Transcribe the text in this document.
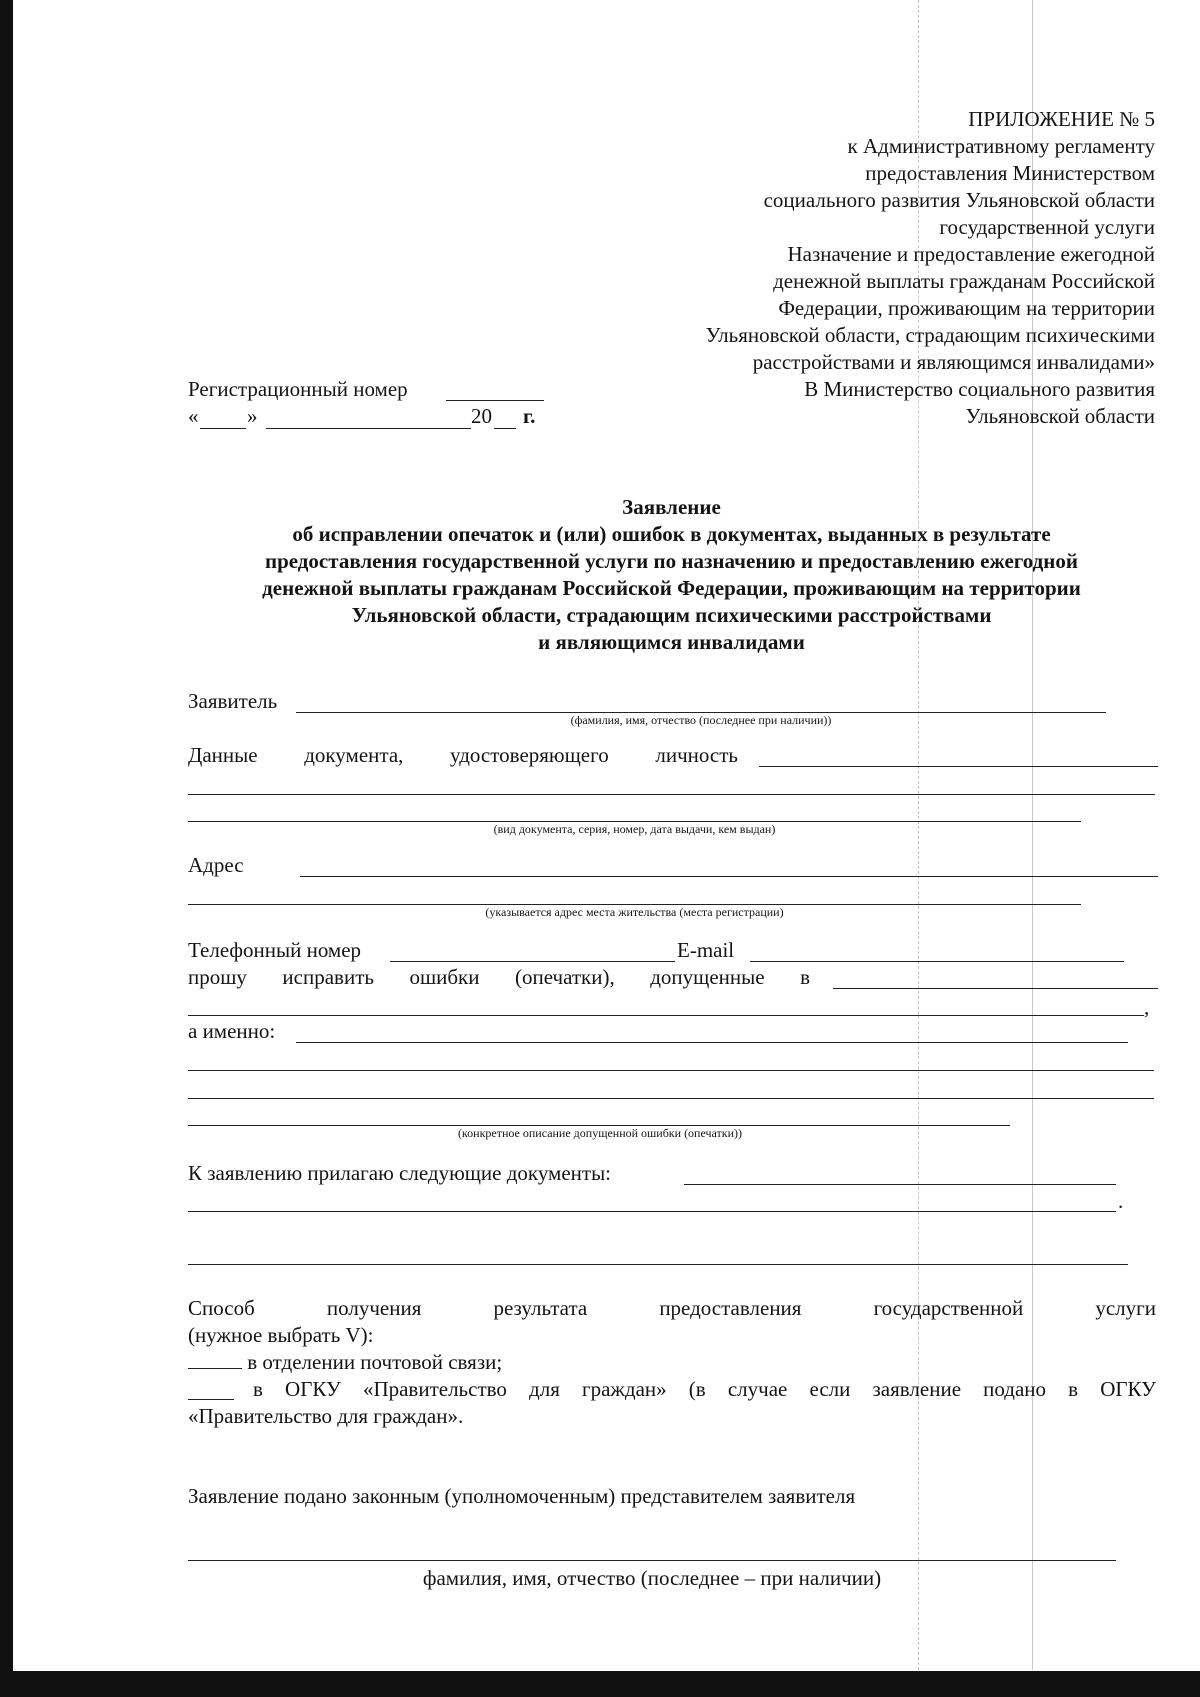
ПРИЛОЖЕНИЕ № 5
к Административному регламенту
предоставления Министерством
социального развития Ульяновской области
государственной услуги
Назначение и предоставление ежегодной
денежной выплаты гражданам Российской
Федерации, проживающим на территории
Ульяновской области, страдающим психическими
расстройствами и являющимся инвалидами»
В Министерство социального развития
Ульяновской области
Регистрационный номер
« »	20 г.
Заявление
об исправлении опечаток и (или) ошибок в документах, выданных в результате
предоставления государственной услуги по назначению и предоставлению ежегодной
денежной выплаты гражданам Российской Федерации, проживающим на территории
Ульяновской области, страдающим психическими расстройствами
и являющимся инвалидами
Заявитель
(фамилия, имя, отчество (последнее при наличии))
Данные документа, удостоверяющего личность
(вид документа, серия, номер, дата выдачи, кем выдан)
Адрес
(указывается адрес места жительства (места регистрации)
Телефонный номер	E-mail
прошу исправить ошибки (опечатки), допущенные в
,
а именно:
(конкретное описание допущенной ошибки (опечатки))
К заявлению прилагаю следующие документы:
.
Способ	получения	результата	предоставления	государственной	услуги
(нужное выбрать V):
в отделении почтовой связи;
в ОГКУ «Правительство для граждан» (в случае если заявление подано в ОГКУ
«Правительство для граждан».
Заявление подано законным (уполномоченным) представителем заявителя
фамилия, имя, отчество (последнее – при наличии)
